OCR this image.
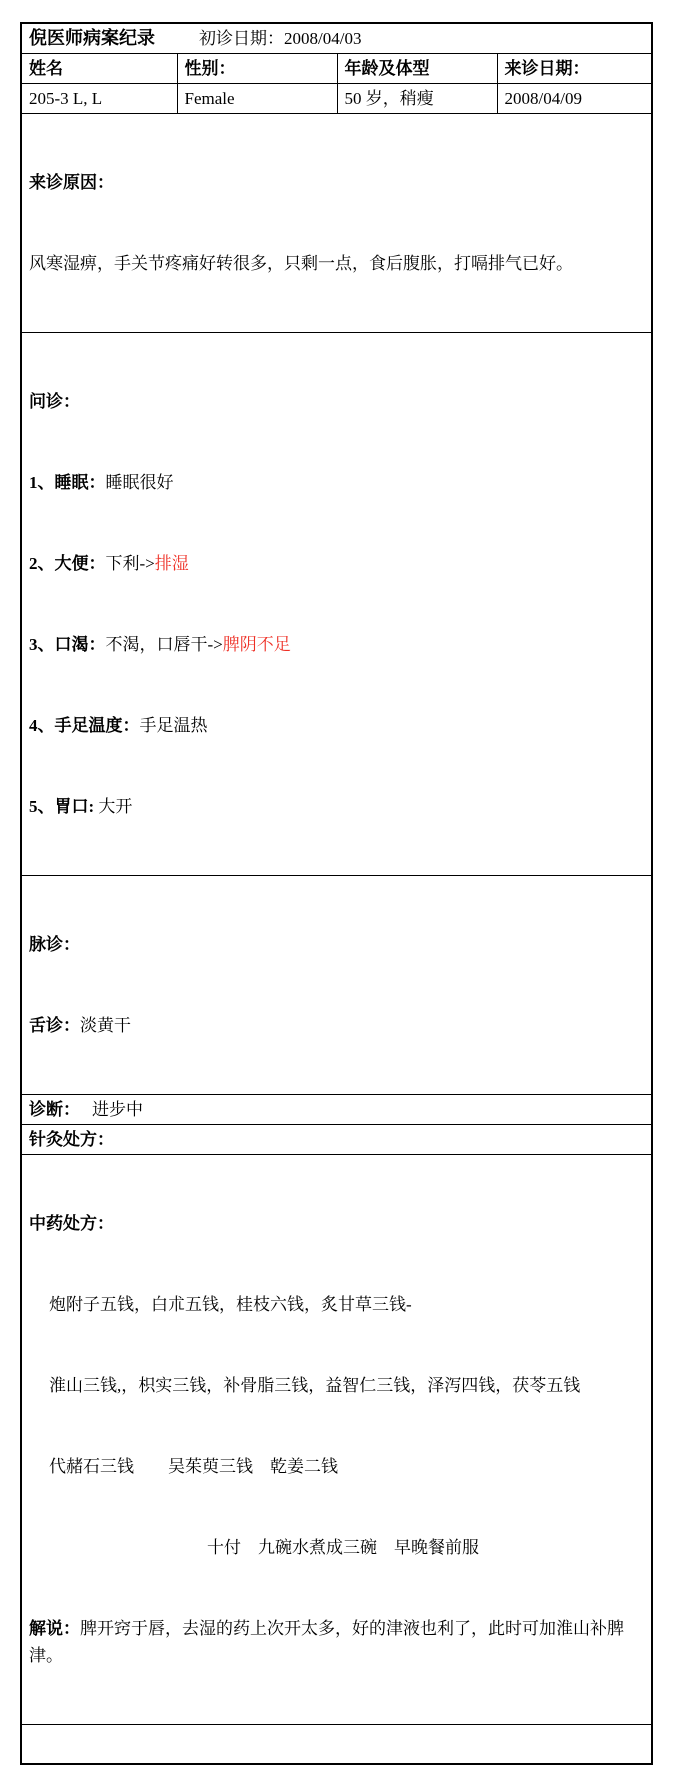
倪医师病案纪录 初诊日期：2008/04/03			
姓名	性别：	年龄及体型	来诊日期：
205-3 L, L	Female	50 岁，稍瘦	2008/04/09

来诊原因：

风寒湿痹，手关节疼痛好转很多，只剩一点，食后腹胀，打嗝排气已好。			

问诊：

1、睡眠：睡眠很好

2、大便：下利->排湿

3、口渴：不渴，口唇干->脾阴不足

4、手足温度：手足温热

5、胃口: 大开

脉诊：

舌诊：淡黄干			

诊断： 进步中			
针灸处方：			

中药处方：

炮附子五钱，白朮五钱，桂枝六钱，炙甘草三钱-

淮山三钱,，枳实三钱，补骨脂三钱，益智仁三钱，泽泻四钱，茯苓五钱

代赭石三钱　　吴茱萸三钱　乾姜二钱

十付　九碗水煮成三碗　早晚餐前服

解说：脾开窍于唇，去湿的药上次开太多，好的津液也利了，此时可加淮山补脾津。
